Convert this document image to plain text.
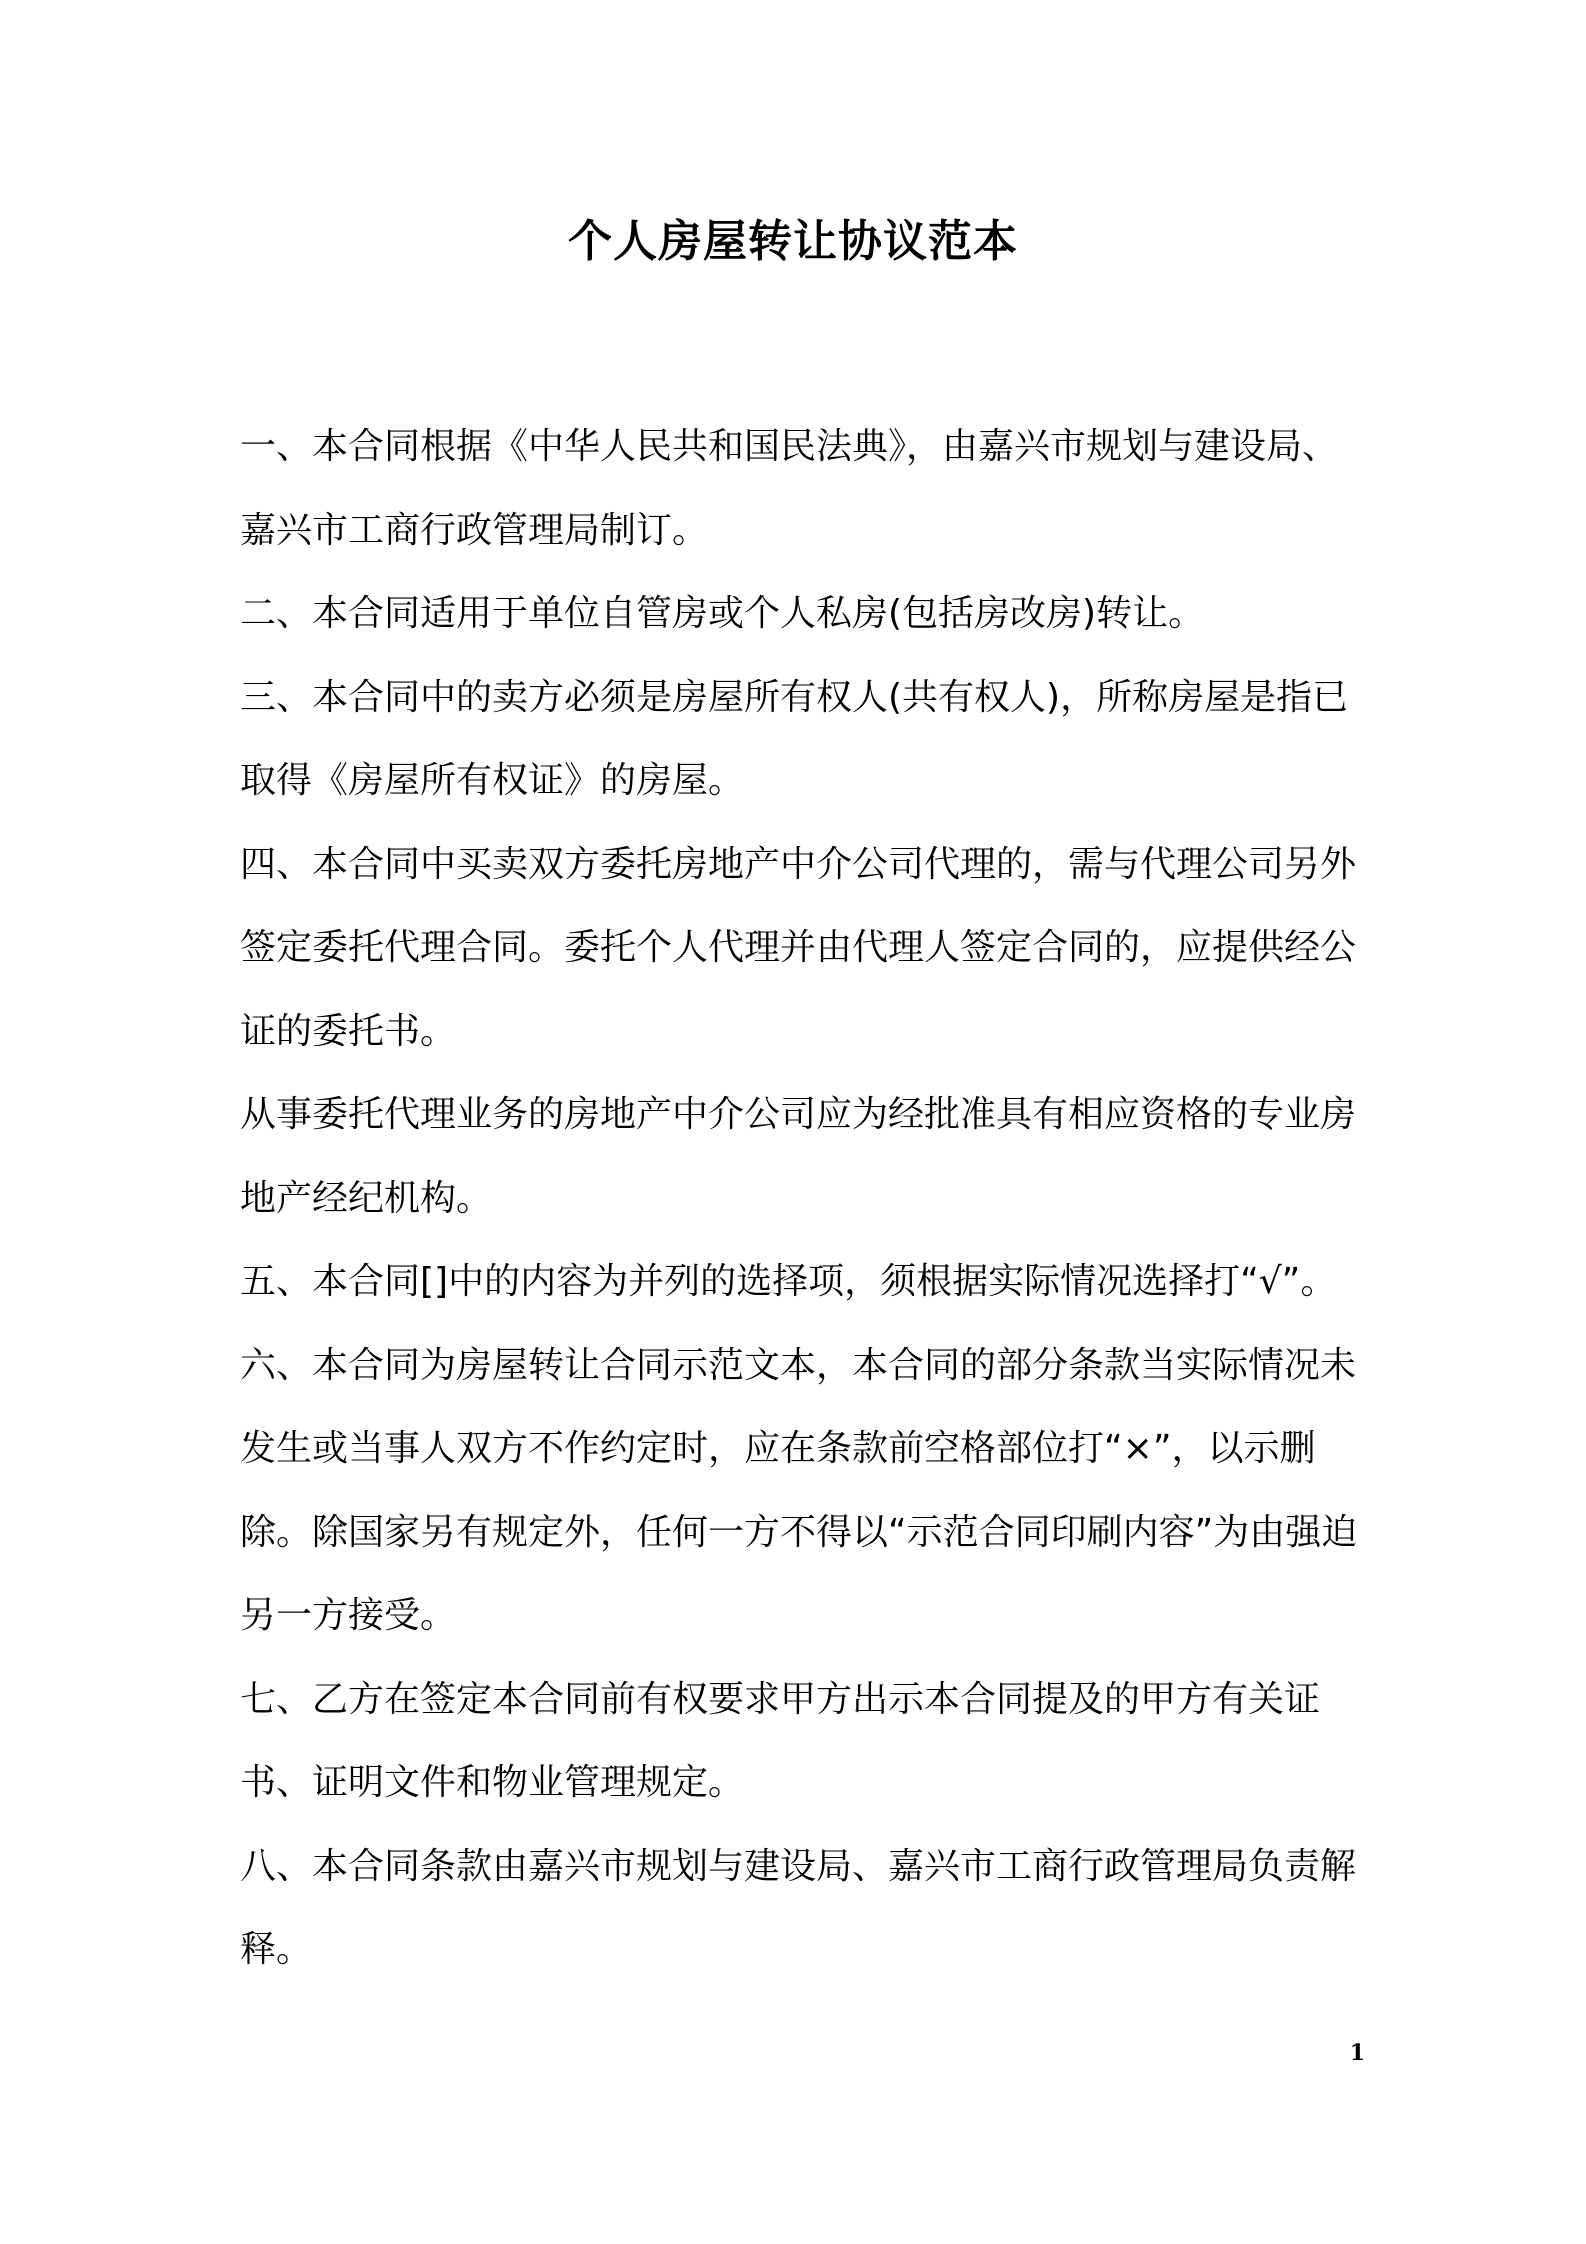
个人房屋转让协议范本

一、本合同根据《中华人民共和国民法典》，由嘉兴市规划与建设局、嘉兴市工商行政管理局制订。

二、本合同适用于单位自管房或个人私房(包括房改房)转让。

三、本合同中的卖方必须是房屋所有权人(共有权人)，所称房屋是指已取得《房屋所有权证》的房屋。

四、本合同中买卖双方委托房地产中介公司代理的，需与代理公司另外签定委托代理合同。委托个人代理并由代理人签定合同的，应提供经公证的委托书。

从事委托代理业务的房地产中介公司应为经批准具有相应资格的专业房地产经纪机构。

五、本合同[]中的内容为并列的选择项，须根据实际情况选择打“√”。

六、本合同为房屋转让合同示范文本，本合同的部分条款当实际情况未发生或当事人双方不作约定时，应在条款前空格部位打“×”，以示删除。除国家另有规定外，任何一方不得以“示范合同印刷内容”为由强迫另一方接受。

七、乙方在签定本合同前有权要求甲方出示本合同提及的甲方有关证书、证明文件和物业管理规定。

八、本合同条款由嘉兴市规划与建设局、嘉兴市工商行政管理局负责解释。

1
